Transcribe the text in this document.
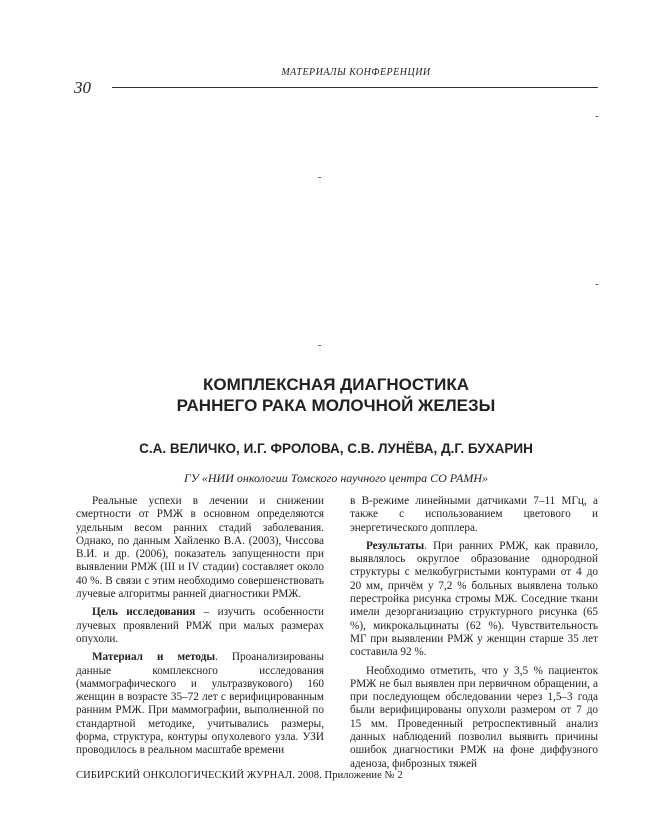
30
МАТЕРИАЛЫ КОНФЕРЕНЦИИ
-
-
-
-
КОМПЛЕКСНАЯ ДИАГНОСТИКА
РАННЕГО РАКА МОЛОЧНОЙ ЖЕЛЕЗЫ
С.А. ВЕЛИЧКО, И.Г. ФРОЛОВА, С.В. ЛУНЁВА, Д.Г. БУХАРИН
ГУ «НИИ онкологии Томского научного центра СО РАМН»

Реальные успехи в лечении и снижении смертности от РМЖ в основном определяются удельным весом ранних стадий заболевания. Однако, по данным Хайленко В.А. (2003), Чиссова В.И. и др. (2006), показатель запущенности при выявлении РМЖ (III и IV стадии) составляет около 40 %. В связи с этим необходимо совершенствовать лучевые алгоритмы ранней диагностики РМЖ.

Цель исследования – изучить особенности лучевых проявлений РМЖ при малых размерах опухоли.

Материал и методы. Проанализированы данные комплексного исследования (маммографического и ультразвукового) 160 женщин в возрасте 35–72 лет с верифицированным ранним РМЖ. При маммографии, выполненной по стандартной методике, учитывались размеры, форма, структура, контуры опухолевого узла. УЗИ проводилось в реальном масштабе времени

в В-режиме линейными датчиками 7–11 МГц, а также с использованием цветового и энергетического допплера.

Результаты. При ранних РМЖ, как правило, выявлялось округлое образование однородной структуры с мелкобугристыми контурами от 4 до 20 мм, причём у 7,2 % больных выявлена только перестройка рисунка стромы МЖ. Соседние ткани имели дезорганизацию структурного рисунка (65 %), микрокальцинаты (62 %). Чувствительность МГ при выявлении РМЖ у женщин старше 35 лет составила 92 %.

Необходимо отметить, что у 3,5 % пациенток РМЖ не был выявлен при первичном обращении, а при последующем обследовании через 1,5–3 года были верифицированы опухоли размером от 7 до 15 мм. Проведенный ретроспективный анализ данных наблюдений позволил выявить причины ошибок диагностики РМЖ на фоне диффузного аденоза, фиброзных тяжей

СИБИРСКИЙ ОНКОЛОГИЧЕСКИЙ ЖУРНАЛ. 2008. Приложение № 2
